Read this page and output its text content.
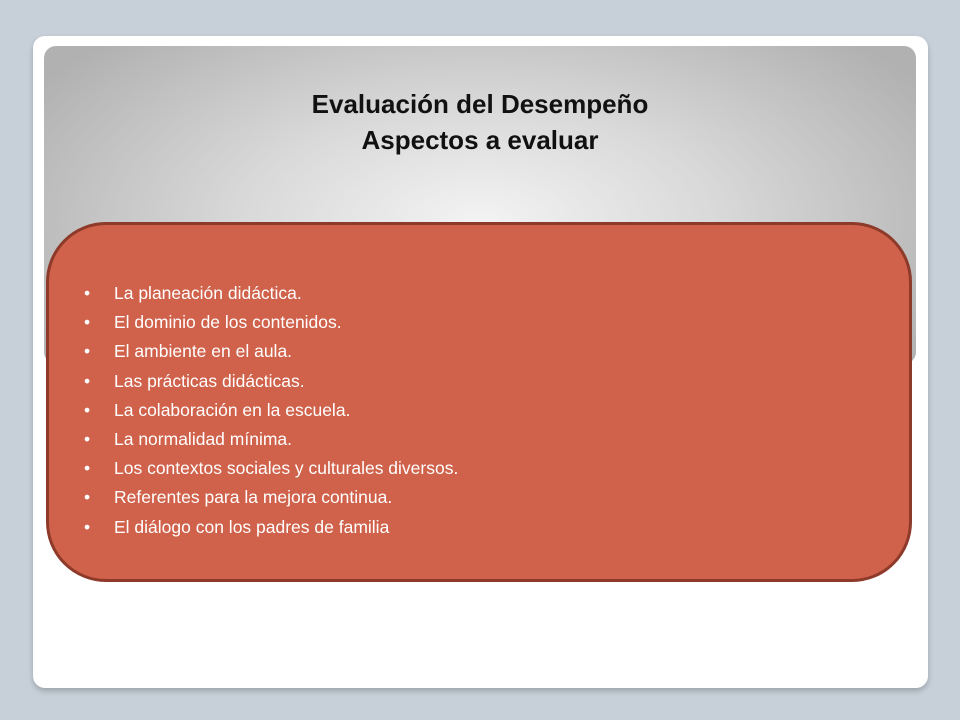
Evaluación del Desempeño
Aspectos a evaluar
• La planeación didáctica.
• El dominio de los contenidos.
• El ambiente en el aula.
• Las prácticas didácticas.
• La colaboración en la escuela.
• La normalidad mínima.
• Los contextos sociales y culturales diversos.
• Referentes para la mejora continua.
• El diálogo con los padres de familia
